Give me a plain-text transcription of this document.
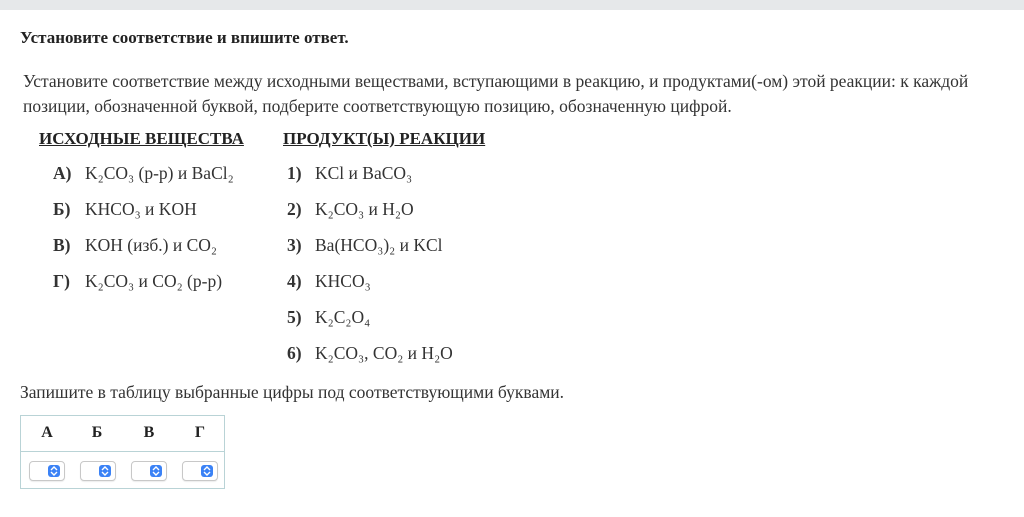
Установите соответствие и впишите ответ.
Установите соответствие между исходными веществами, вступающими в реакцию, и продуктами(-ом) этой реакции: к каждой позиции, обозначенной буквой, подберите соответствующую позицию, обозначенную цифрой.
ИСХОДНЫЕ ВЕЩЕСТВА ПРОДУКТ(Ы) РЕАКЦИИ
А) K₂CO₃ (р-р) и BaCl₂
Б) KHCO₃ и KOH
В) KOH (изб.) и CO₂
Г) K₂CO₃ и CO₂ (р-р)
1) KCl и BaCO₃
2) K₂CO₃ и H₂O
3) Ba(HCO₃)₂ и KCl
4) KHCO₃
5) K₂C₂O₄
6) K₂CO₃, CO₂ и H₂O
Запишите в таблицу выбранные цифры под соответствующими буквами.
А	Б	В	Г
